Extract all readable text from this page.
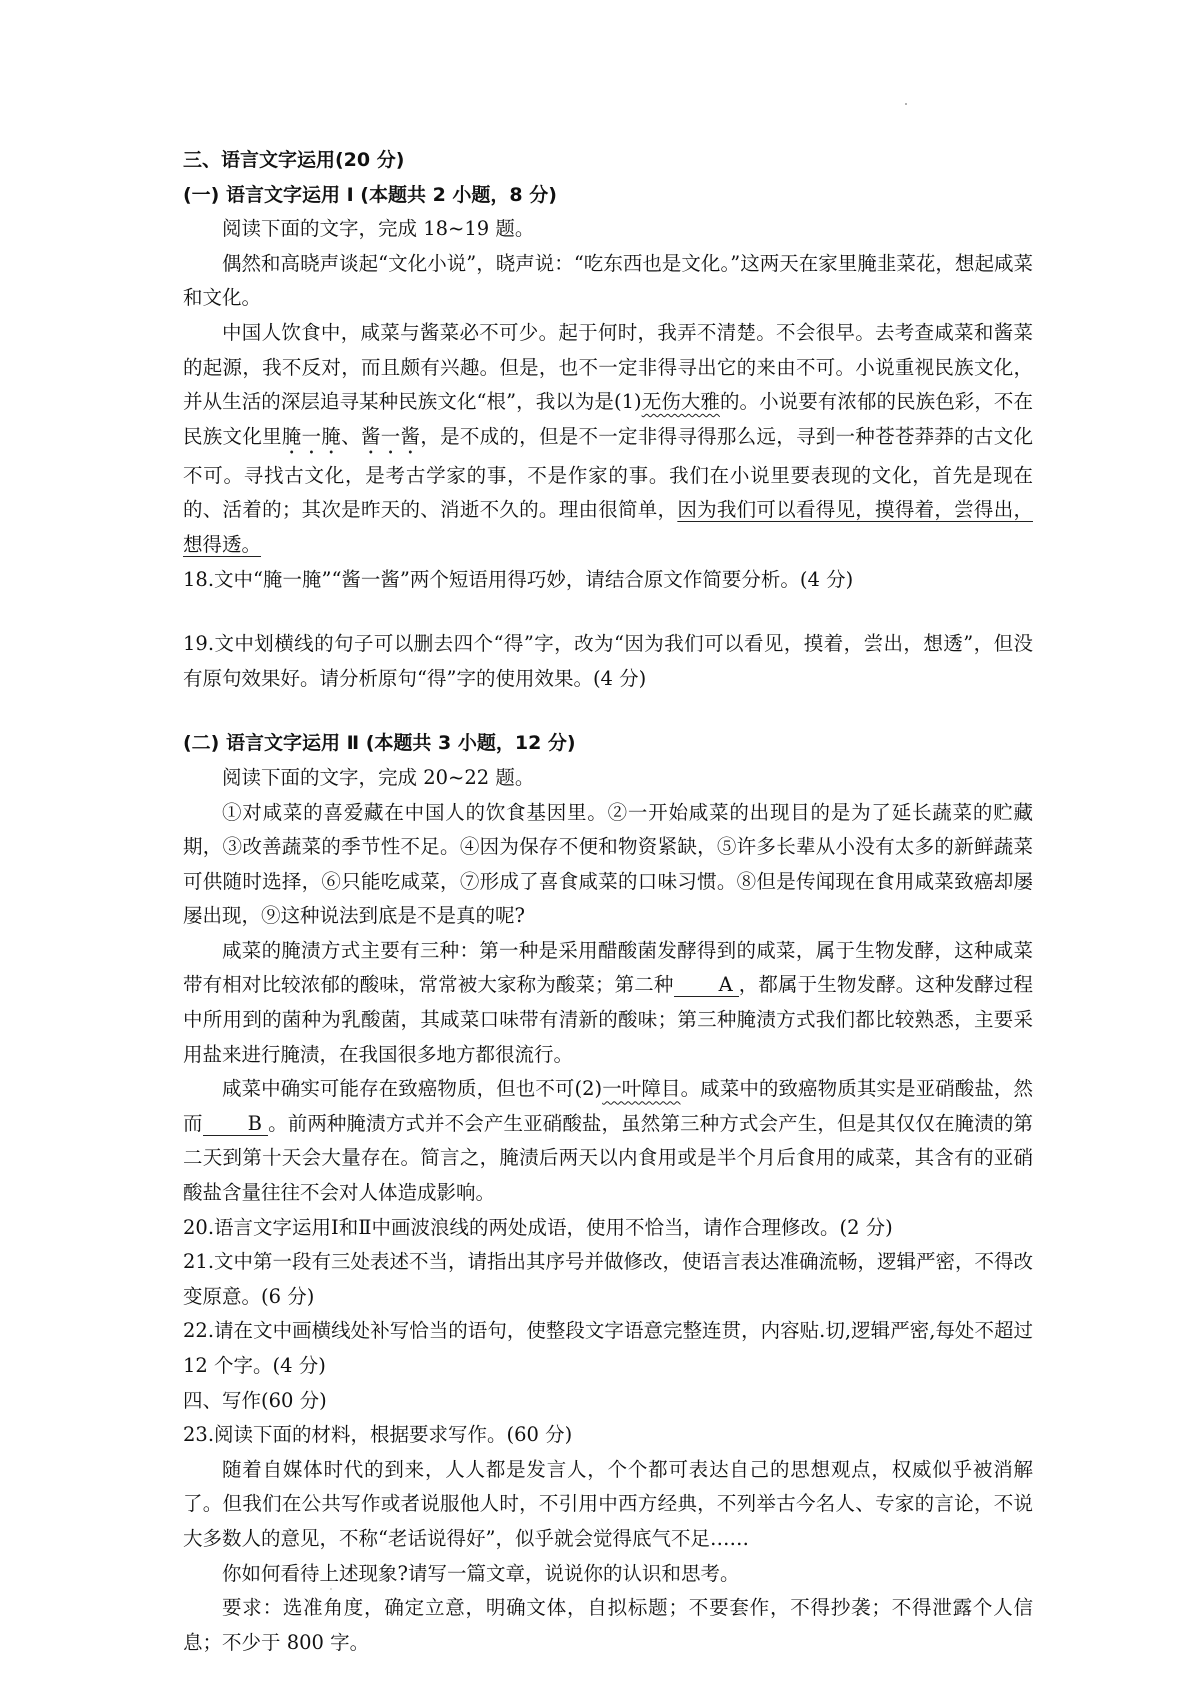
三、语言文字运用(20 分)

(一) 语言文字运用 Ⅰ (本题共 2 小题，8 分)

阅读下面的文字，完成 18~19 题。

偶然和高晓声谈起“文化小说”，晓声说：“吃东西也是文化。”这两天在家里腌韭菜花，想起咸菜和文化。

中国人饮食中，咸菜与酱菜必不可少。起于何时，我弄不清楚。不会很早。去考查咸菜和酱菜的起源，我不反对，而且颇有兴趣。但是，也不一定非得寻出它的来由不可。小说重视民族文化，并从生活的深层追寻某种民族文化“根”，我以为是(1)无伤大雅的。小说要有浓郁的民族色彩，不在民族文化里腌一腌、酱一酱，是不成的，但是不一定非得寻得那么远，寻到一种苍苍莽莽的古文化不可。寻找古文化，是考古学家的事，不是作家的事。我们在小说里要表现的文化，首先是现在的、活着的；其次是昨天的、消逝不久的。理由很简单，因为我们可以看得见，摸得着，尝得出，想得透。

18.文中“腌一腌”“酱一酱”两个短语用得巧妙，请结合原文作简要分析。(4 分)

19.文中划横线的句子可以删去四个“得”字，改为“因为我们可以看见，摸着，尝出，想透”，但没有原句效果好。请分析原句“得”字的使用效果。(4 分)

(二) 语言文字运用 Ⅱ (本题共 3 小题，12 分)

阅读下面的文字，完成 20~22 题。

①对咸菜的喜爱藏在中国人的饮食基因里。②一开始咸菜的出现目的是为了延长蔬菜的贮藏期，③改善蔬菜的季节性不足。④因为保存不便和物资紧缺，⑤许多长辈从小没有太多的新鲜蔬菜可供随时选择，⑥只能吃咸菜，⑦形成了喜食咸菜的口味习惯。⑧但是传闻现在食用咸菜致癌却屡屡出现，⑨这种说法到底是不是真的呢?

咸菜的腌渍方式主要有三种：第一种是采用醋酸菌发酵得到的咸菜，属于生物发酵，这种咸菜带有相对比较浓郁的酸味，常常被大家称为酸菜；第二种 A ，都属于生物发酵。这种发酵过程中所用到的菌种为乳酸菌，其咸菜口味带有清新的酸味；第三种腌渍方式我们都比较熟悉，主要采用盐来进行腌渍，在我国很多地方都很流行。

咸菜中确实可能存在致癌物质，但也不可(2)一叶障目。咸菜中的致癌物质其实是亚硝酸盐，然而 B 。前两种腌渍方式并不会产生亚硝酸盐，虽然第三种方式会产生，但是其仅仅在腌渍的第二天到第十天会大量存在。简言之，腌渍后两天以内食用或是半个月后食用的咸菜，其含有的亚硝酸盐含量往往不会对人体造成影响。

20.语言文字运用Ⅰ和Ⅱ中画波浪线的两处成语，使用不恰当，请作合理修改。(2 分)

21.文中第一段有三处表述不当，请指出其序号并做修改，使语言表达准确流畅，逻辑严密，不得改变原意。(6 分)

22.请在文中画横线处补写恰当的语句，使整段文字语意完整连贯，内容贴.切,逻辑严密,每处不超过 12 个字。(4 分)

四、写作(60 分)

23.阅读下面的材料，根据要求写作。(60 分)

随着自媒体时代的到来，人人都是发言人，个个都可表达自己的思想观点，权威似乎被消解了。但我们在公共写作或者说服他人时，不引用中西方经典，不列举古今名人、专家的言论，不说大多数人的意见，不称“老话说得好”，似乎就会觉得底气不足……

你如何看待上述现象?请写一篇文章，说说你的认识和思考。

要求：选准角度，确定立意，明确文体，自拟标题；不要套作，不得抄袭；不得泄露个人信息；不少于 800 字。
